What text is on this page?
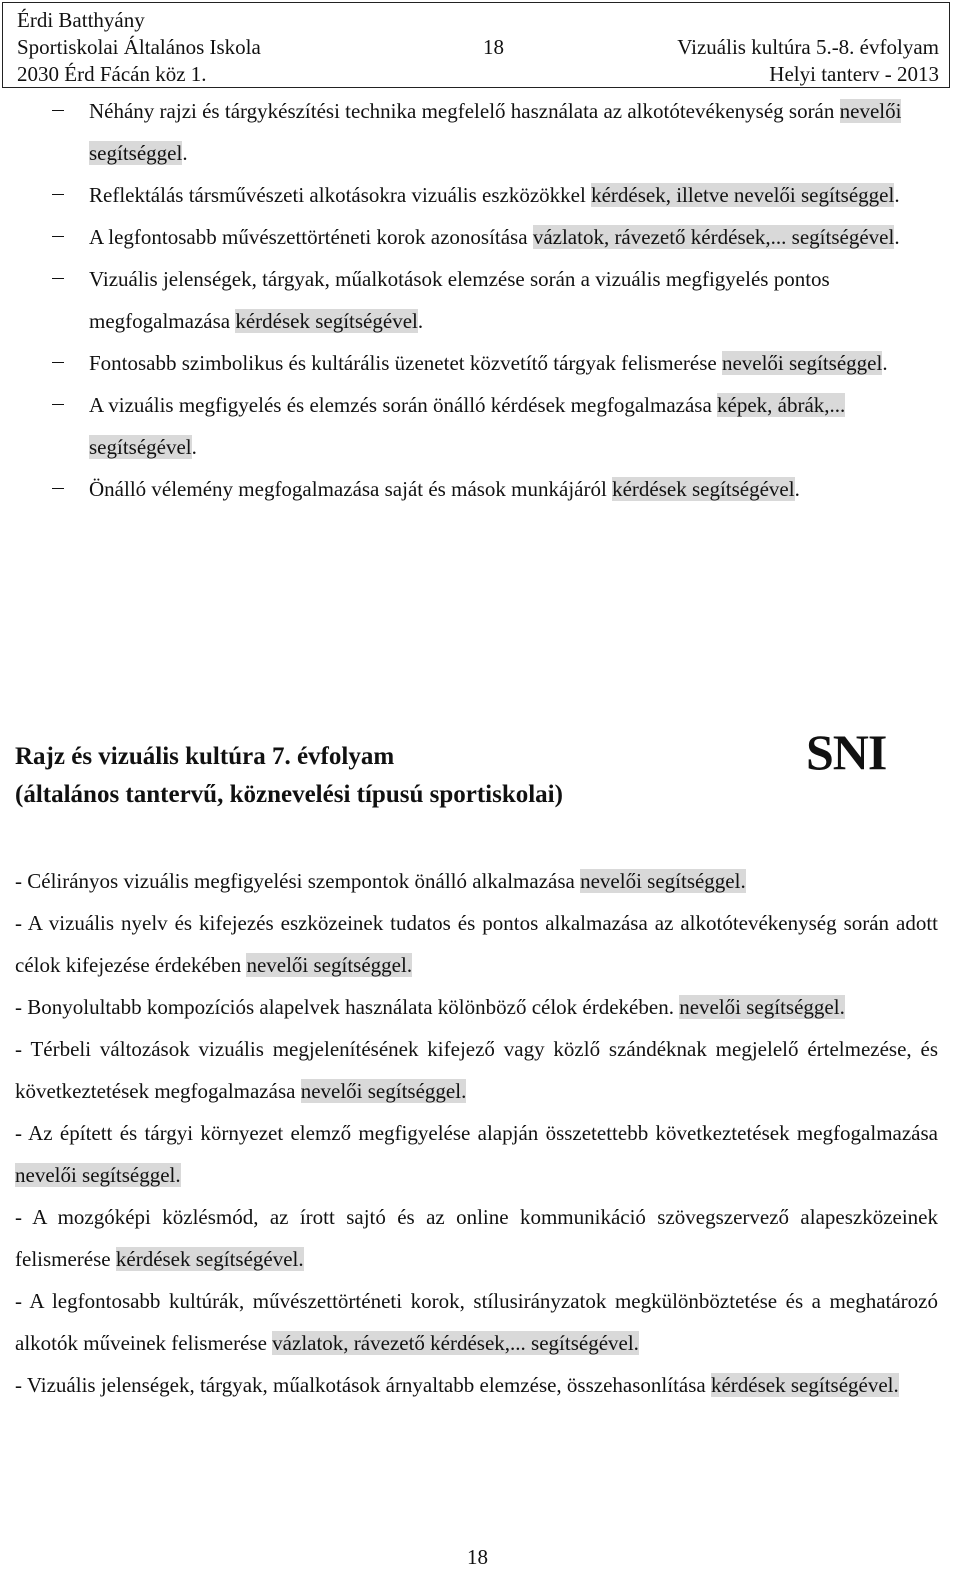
Érdi Batthyány
Sportiskolai Általános Iskola	18	Vizuális kultúra 5.-8. évfolyam
2030 Érd Fácán köz 1.	Helyi tanterv - 2013
Néhány rajzi és tárgykészítési technika megfelelő használata az alkotótevékenység során nevelői segítséggel.
Reflektálás társművészeti alkotásokra vizuális eszközökkel kérdések, illetve nevelői segítséggel.
A legfontosabb művészettörténeti korok azonosítása vázlatok, rávezető kérdések,... segítségével.
Vizuális jelenségek, tárgyak, műalkotások elemzése során a vizuális megfigyelés pontos megfogalmazása kérdések segítségével.
Fontosabb szimbolikus és kultárális üzenetet közvetítő tárgyak felismerése nevelői segítséggel.
A vizuális megfigyelés és elemzés során önálló kérdések megfogalmazása képek, ábrák,... segítségével.
Önálló vélemény megfogalmazása saját és mások munkájáról kérdések segítségével.
Rajz és vizuális kultúra 7. évfolyam
(általános tantervű, köznevelési típusú sportiskolai)
SNI

- Célirányos vizuális megfigyelési szempontok önálló alkalmazása nevelői segítséggel.

- A vizuális nyelv és kifejezés eszközeinek tudatos és pontos alkalmazása az alkotótevékenység során adott célok kifejezése érdekében nevelői segítséggel.

- Bonyolultabb kompozíciós alapelvek használata kölönböző célok érdekében. nevelői segítséggel.

- Térbeli változások vizuális megjelenítésének kifejező vagy közlő szándéknak megjelelő értelmezése, és következtetések megfogalmazása nevelői segítséggel.

- Az épített és tárgyi környezet elemző megfigyelése alapján összetettebb következtetések megfogalmazása nevelői segítséggel.

- A mozgóképi közlésmód, az írott sajtó és az online kommunikáció szövegszervező alapeszközeinek felismerése kérdések segítségével.

- A legfontosabb kultúrák, művészettörténeti korok, stílusirányzatok megkülönböztetése és a meghatározó alkotók műveinek felismerése vázlatok, rávezető kérdések,... segítségével.

- Vizuális jelenségek, tárgyak, műalkotások árnyaltabb elemzése, összehasonlítása kérdések segítségével.

18
